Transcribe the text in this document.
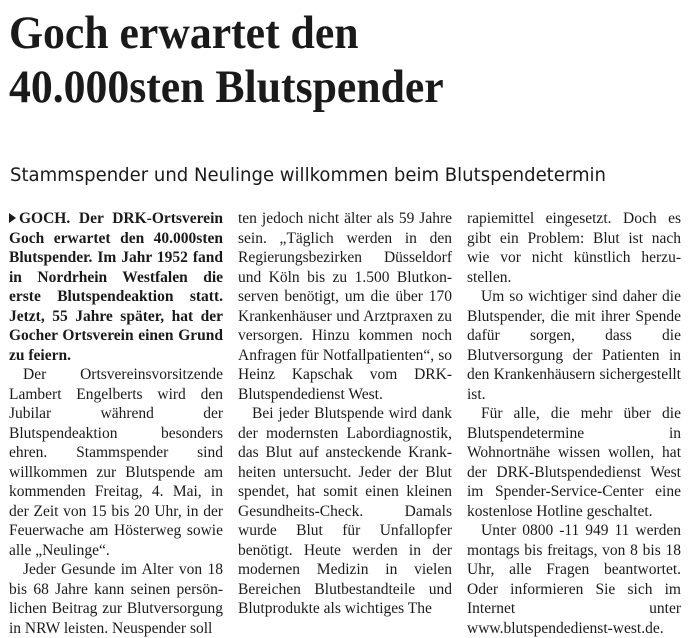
Goch erwartet den
40.000sten Blutspender
Stammspender und Neulinge willkommen beim Blutspendetermin

GOCH. Der DRK-Ortsverein Goch erwartet den 40.000sten Blutspender. Im Jahr 1952 fand in Nordrhein Westfalen die erste Blutspendeaktion statt. Jetzt, 55 Jahre später, hat der Gocher Ortsverein einen Grund zu feiern.

Der Ortsvereinsvorsitzende Lambert Engelberts wird den Jubilar während der Blutspendeaktion besonders ehren. Stammspender sind willkommen zur Blutspende am kommenden Freitag, 4. Mai, in der Zeit von 15 bis 20 Uhr, in der Feuerwache am Hösterweg sowie alle „Neulinge“.

Jeder Gesunde im Alter von 18 bis 68 Jahre kann seinen persönlichen Beitrag zur Blutversorgung in NRW leisten. Neuspender soll

ten jedoch nicht älter als 59 Jahre sein. „Täglich werden in den Regierungsbezirken Düsseldorf und Köln bis zu 1.500 Blutkonserven benötigt, um die über 170 Krankenhäuser und Arztpraxen zu versorgen. Hinzu kommen noch Anfragen für Notfallpatienten“, so Heinz Kapschak vom DRK-Blutspendedienst West.

Bei jeder Blutspende wird dank der modernsten Labordiagnostik, das Blut auf ansteckende Krankheiten untersucht. Jeder der Blut spendet, hat somit einen kleinen Gesundheits-Check. Damals wurde Blut für Unfallopfer benötigt. Heute werden in der modernen Medizin in vielen Bereichen Blutbestandteile und Blutprodukte als wichtiges The

rapiemittel eingesetzt. Doch es gibt ein Problem: Blut ist nach wie vor nicht künstlich herzustellen.

Um so wichtiger sind daher die Blutspender, die mit ihrer Spende dafür sorgen, dass die Blutversorgung der Patienten in den Krankenhäusern sichergestellt ist.

Für alle, die mehr über die Blutspendetermine in Wohnortnähe wissen wollen, hat der DRK-Blutspendedienst West im Spender-Service-Center eine kostenlose Hotline geschaltet.

Unter 0800 -11 949 11 werden montags bis freitags, von 8 bis 18 Uhr, alle Fragen beantwortet. Oder informieren Sie sich im Internet unter www.blutspendedienst-west.de.
